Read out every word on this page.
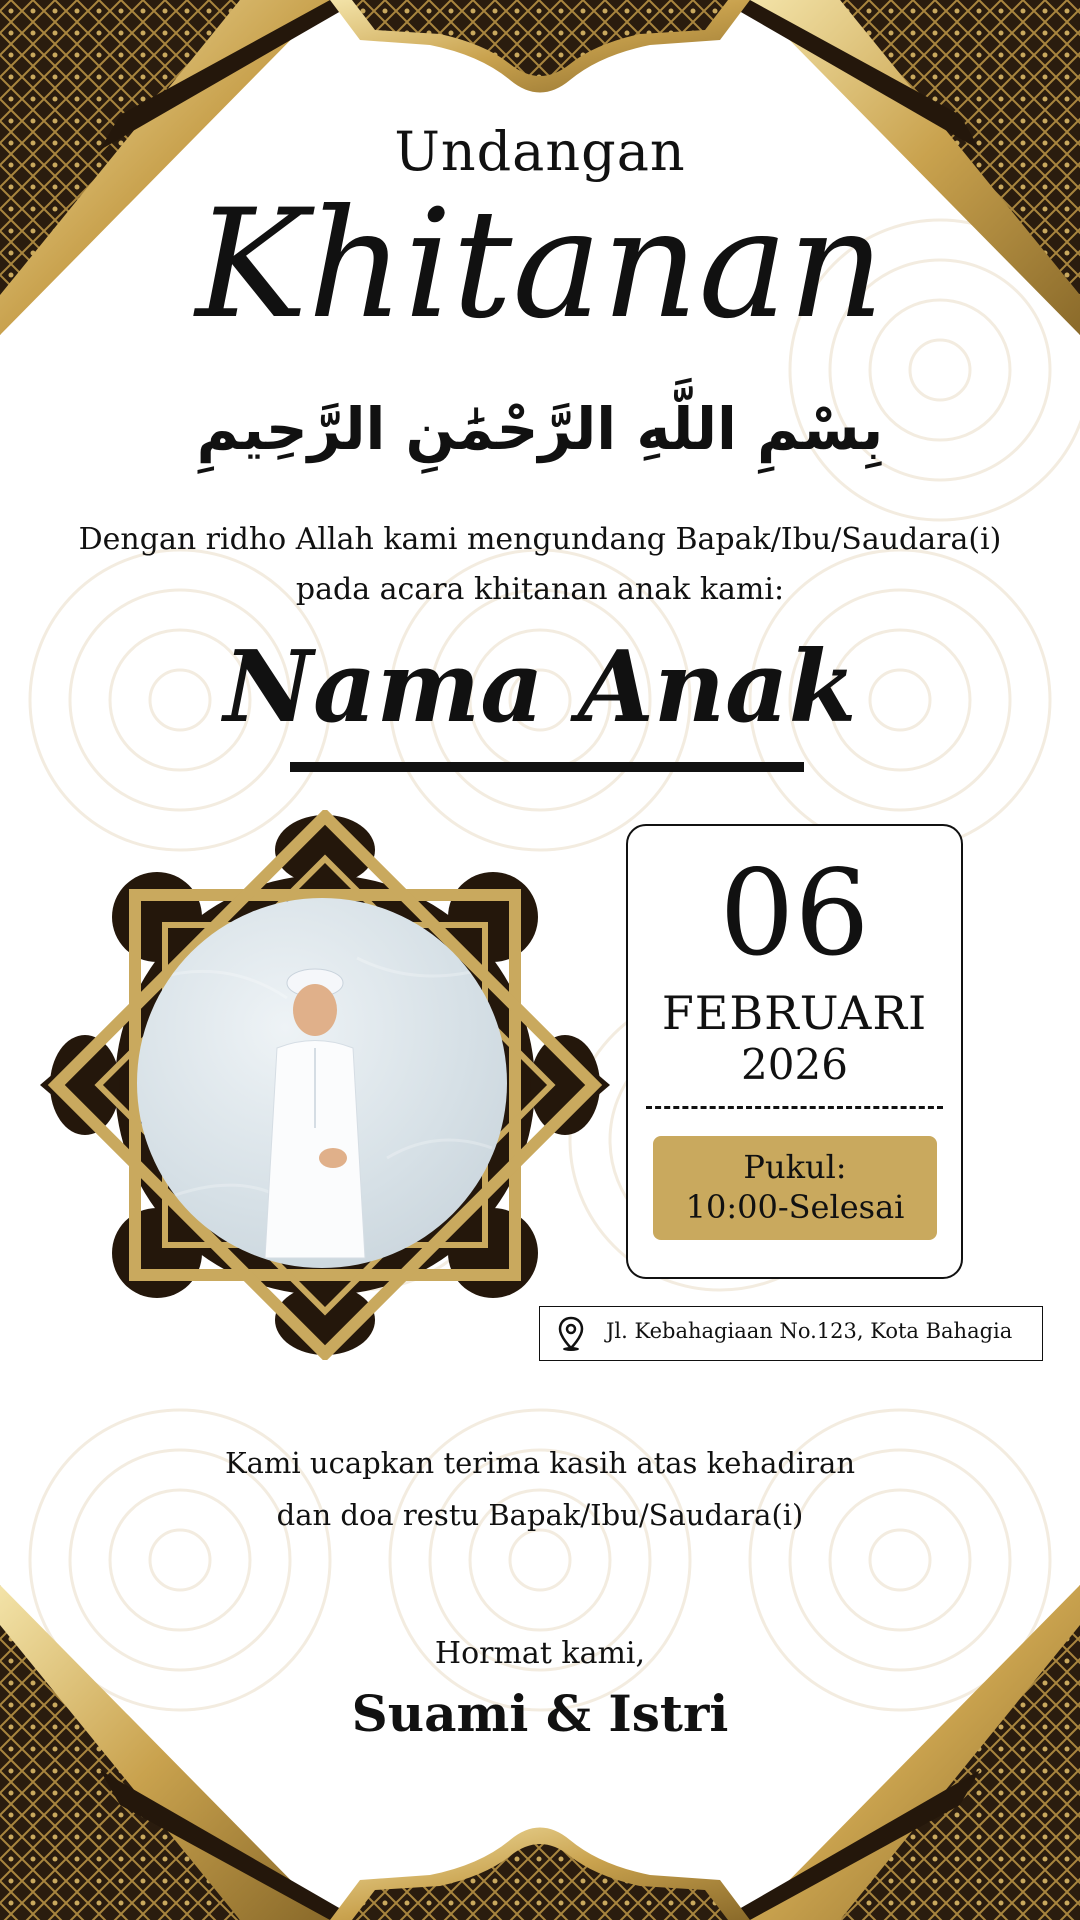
Undangan
Khitanan
بِسْمِ اللَّهِ الرَّحْمَٰنِ الرَّحِيمِ
Dengan ridho Allah kami mengundang Bapak/Ibu/Saudara(i)
pada acara khitanan anak kami:
Nama Anak
06
FEBRUARI
2026
Pukul:
10:00-Selesai
Jl. Kebahagiaan No.123, Kota Bahagia
Kami ucapkan terima kasih atas kehadiran
dan doa restu Bapak/Ibu/Saudara(i)
Hormat kami,
Suami & Istri
